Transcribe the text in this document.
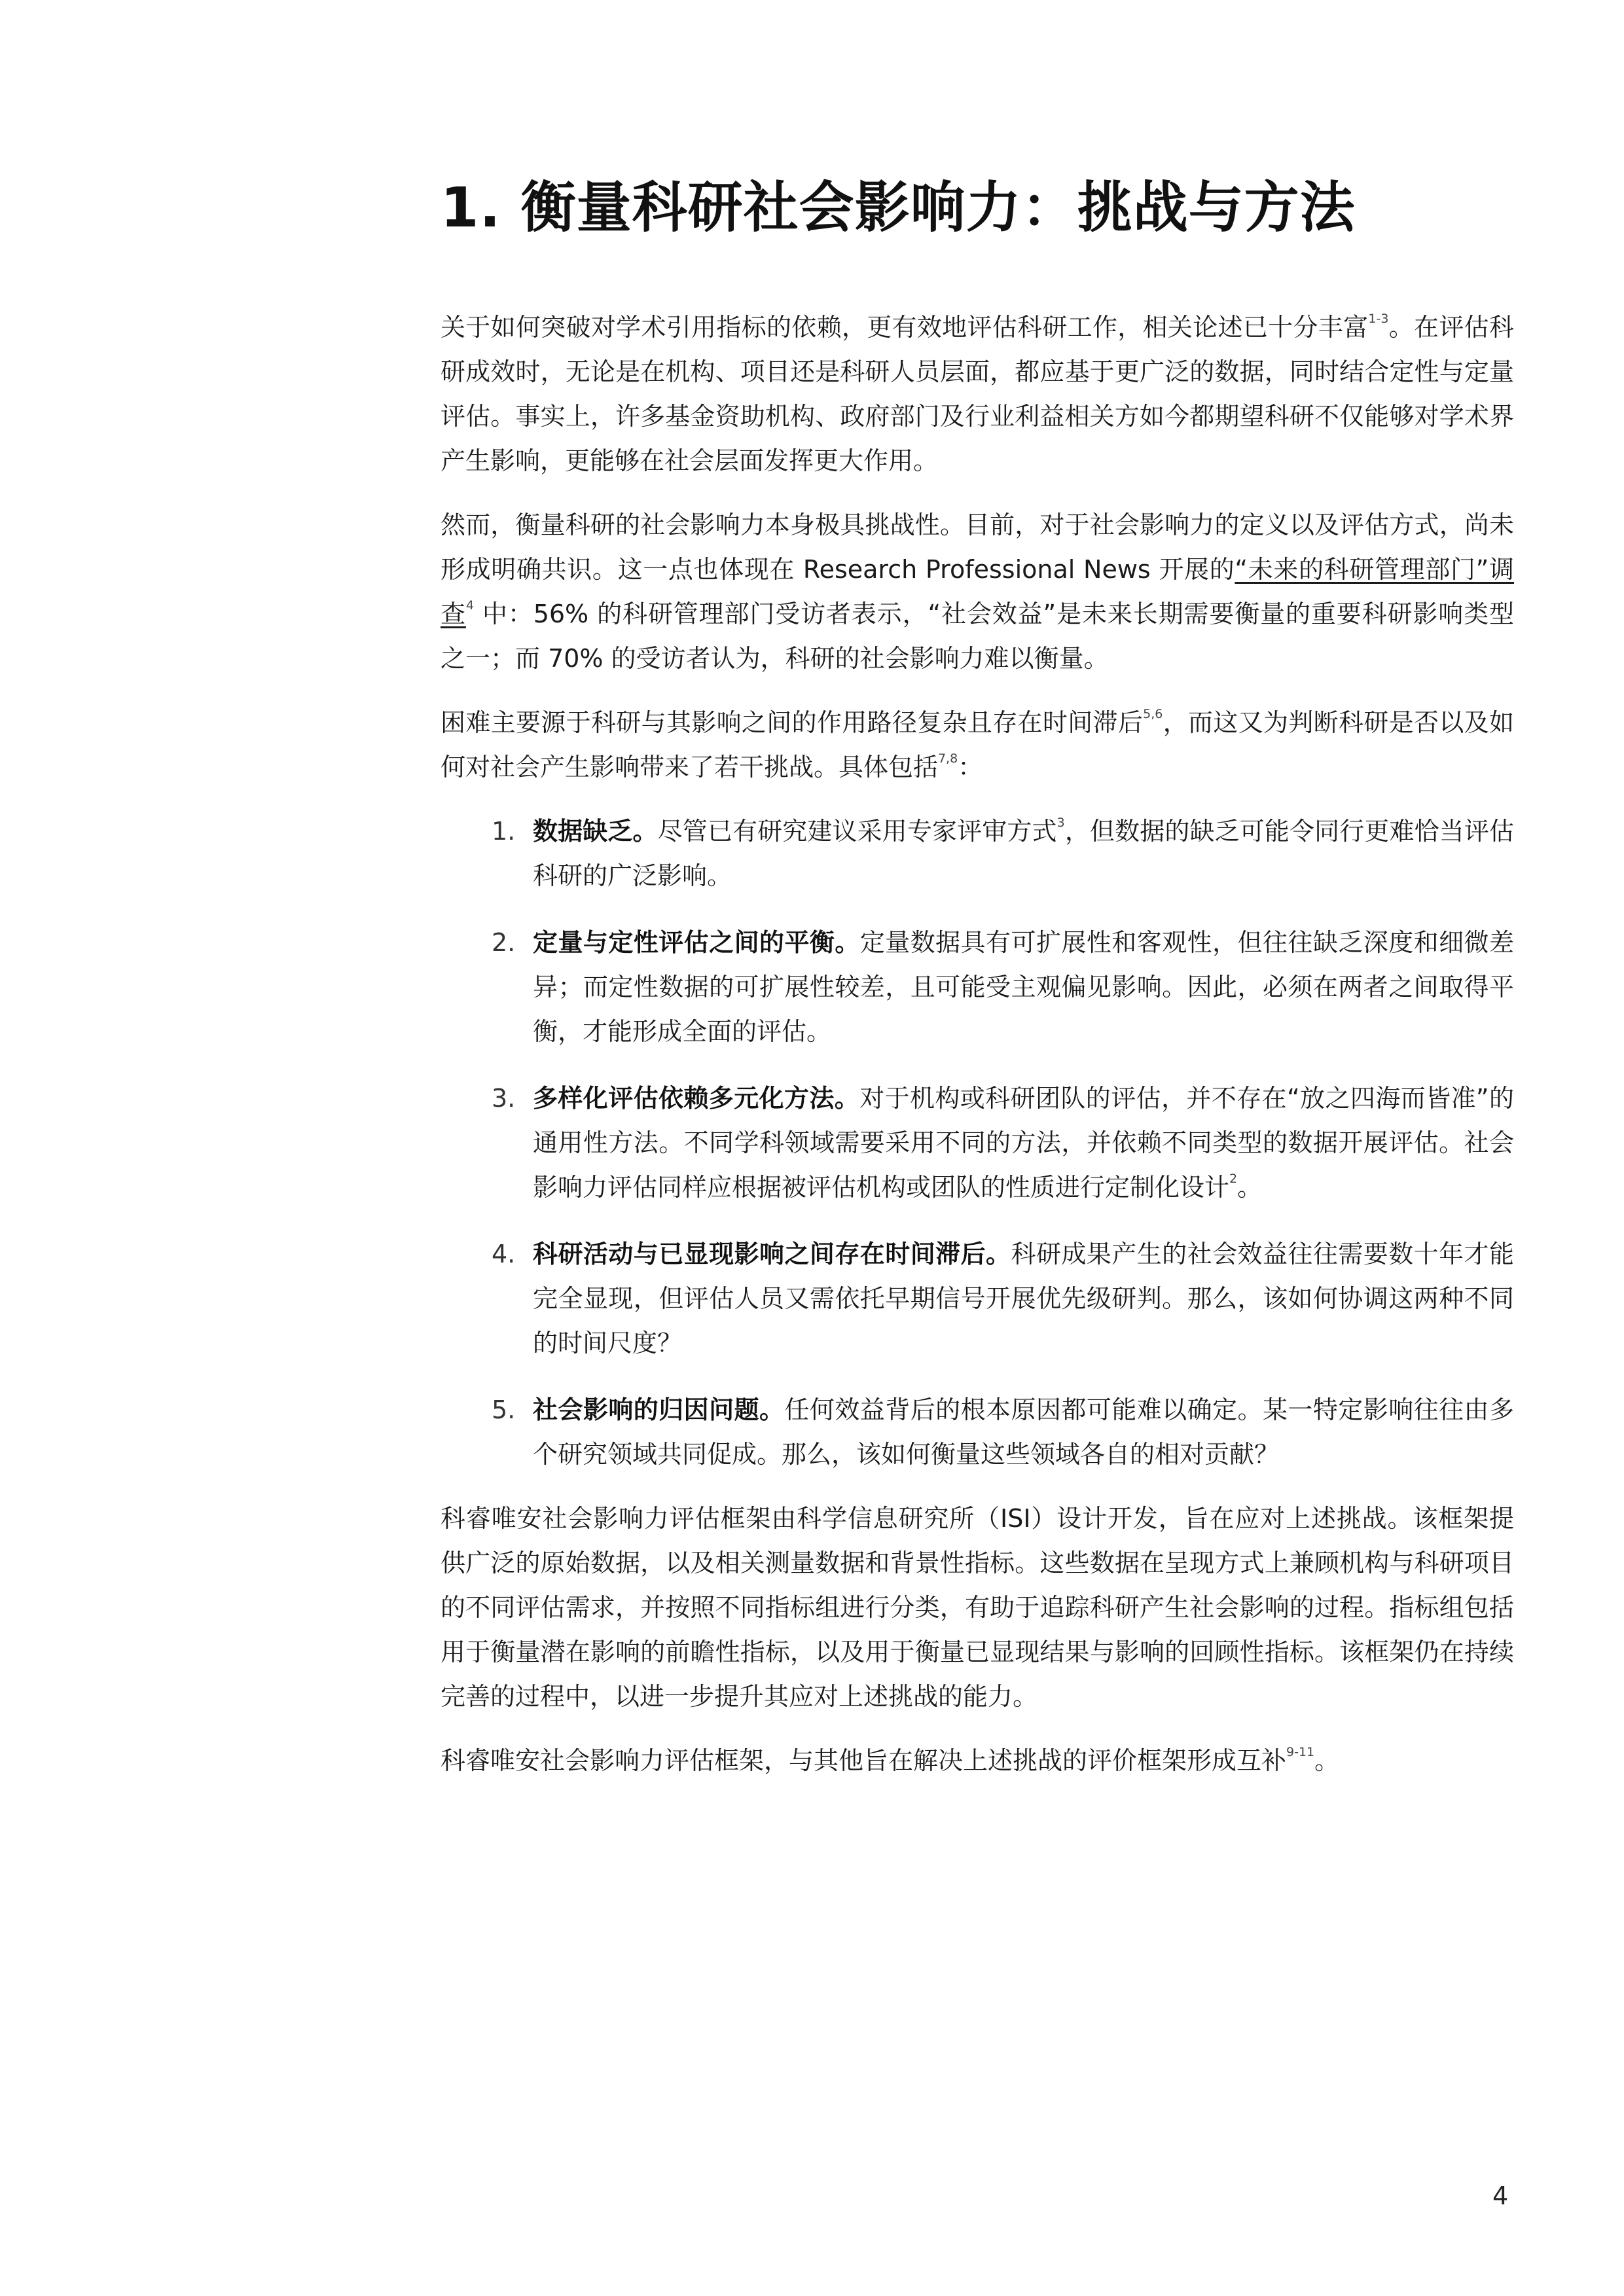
1. 衡量科研社会影响力：挑战与方法

关于如何突破对学术引用指标的依赖，更有效地评估科研工作，相关论述已十分丰富$^{1-3}$。在评估科研成效时，无论是在机构、项目还是科研人员层面，都应基于更广泛的数据，同时结合定性与定量评估。事实上，许多基金资助机构、政府部门及行业利益相关方如今都期望科研不仅能够对学术界产生影响，更能够在社会层面发挥更大作用。

然而，衡量科研的社会影响力本身极具挑战性。目前，对于社会影响力的定义以及评估方式，尚未形成明确共识。这一点也体现在 Research Professional News 开展的“未来的科研管理部门”调查$^4$ 中：56% 的科研管理部门受访者表示，“社会效益”是未来长期需要衡量的重要科研影响类型之一；而 70% 的受访者认为，科研的社会影响力难以衡量。

困难主要源于科研与其影响之间的作用路径复杂且存在时间滞后$^{5,6}$，而这又为判断科研是否以及如何对社会产生影响带来了若干挑战。具体包括$^{7,8}$：

1. 数据缺乏。尽管已有研究建议采用专家评审方式$^3$，但数据的缺乏可能令同行更难恰当评估科研的广泛影响。
2. 定量与定性评估之间的平衡。定量数据具有可扩展性和客观性，但往往缺乏深度和细微差异；而定性数据的可扩展性较差，且可能受主观偏见影响。因此，必须在两者之间取得平衡，才能形成全面的评估。
3. 多样化评估依赖多元化方法。对于机构或科研团队的评估，并不存在“放之四海而皆准”的通用性方法。不同学科领域需要采用不同的方法，并依赖不同类型的数据开展评估。社会影响力评估同样应根据被评估机构或团队的性质进行定制化设计$^2$。
4. 科研活动与已显现影响之间存在时间滞后。科研成果产生的社会效益往往需要数十年才能完全显现，但评估人员又需依托早期信号开展优先级研判。那么，该如何协调这两种不同的时间尺度？
5. 社会影响的归因问题。任何效益背后的根本原因都可能难以确定。某一特定影响往往由多个研究领域共同促成。那么，该如何衡量这些领域各自的相对贡献？

科睿唯安社会影响力评估框架由科学信息研究所（ISI）设计开发，旨在应对上述挑战。该框架提供广泛的原始数据，以及相关测量数据和背景性指标。这些数据在呈现方式上兼顾机构与科研项目的不同评估需求，并按照不同指标组进行分类，有助于追踪科研产生社会影响的过程。指标组包括用于衡量潜在影响的前瞻性指标，以及用于衡量已显现结果与影响的回顾性指标。该框架仍在持续完善的过程中，以进一步提升其应对上述挑战的能力。

科睿唯安社会影响力评估框架，与其他旨在解决上述挑战的评价框架形成互补$^{9-11}$。

4
